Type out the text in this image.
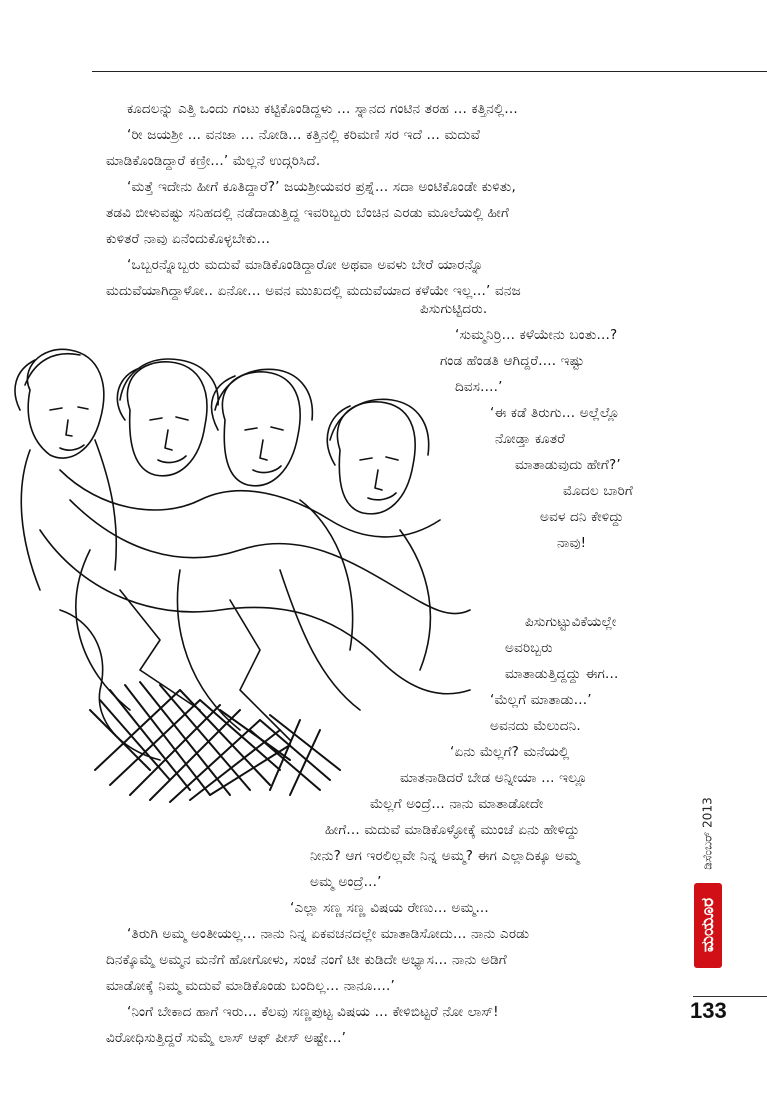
ಕೂದಲನ್ನು ಎತ್ತಿ ಒಂದು ಗಂಟು ಕಟ್ಟಿಕೊಂಡಿದ್ದಳು ... ಸ್ನಾನದ ಗಂಟಿನ ತರಹ ... ಕತ್ತಿನಲ್ಲಿ...
‘ರೀ ಜಯಶ್ರೀ ... ವನಜಾ ... ನೋಡಿ... ಕತ್ತಿನಲ್ಲಿ ಕರಿಮಣಿ ಸರ ಇದೆ ... ಮದುವೆ
ಮಾಡಿಕೊಂಡಿದ್ದಾರೆ ಕಣ್ರೀ...’ ಮೆಲ್ಲನೆ ಉದ್ಗರಿಸಿದೆ.
‘ಮತ್ತೆ ಇದೇನು ಹೀಗೆ ಕೂತಿದ್ದಾರೆ?’ ಜಯಶ್ರೀಯವರ ಪ್ರಶ್ನೆ... ಸದಾ ಅಂಟಿಕೊಂಡೇ ಕುಳಿತು,
ತಡವಿ ಬೀಳುವಷ್ಟು ಸನಿಹದಲ್ಲಿ ನಡೆದಾಡುತ್ತಿದ್ದ ಇವರಿಬ್ಬರು ಬೆಂಚಿನ ಎರಡು ಮೂಲೆಯಲ್ಲಿ ಹೀಗೆ
ಕುಳಿತರೆ ನಾವು ಏನೆಂದುಕೊಳ್ಳಬೇಕು...
‘ಒಬ್ಬರನ್ನೊಬ್ಬರು ಮದುವೆ ಮಾಡಿಕೊಂಡಿದ್ದಾರೋ ಅಥವಾ ಅವಳು ಬೇರೆ ಯಾರನ್ನೊ
ಮದುವೆಯಾಗಿದ್ದಾಳೋ.. ಏನೋ... ಅವನ ಮುಖದಲ್ಲಿ ಮದುವೆಯಾದ ಕಳೆಯೇ ಇಲ್ಲ...’ ವನಜ
ಪಿಸುಗುಟ್ಟಿದರು.
‘ಸುಮ್ಮನಿರ್ರಿ... ಕಳೆಯೇನು ಬಂತು...?
ಗಂಡ ಹೆಂಡತಿ ಆಗಿದ್ದರೆ.... ಇಷ್ಟು
ದಿವಸ....’
‘ಈ ಕಡೆ ತಿರುಗು... ಅಲ್ಲೆಲ್ಲೊ
ನೋಡ್ತಾ ಕೂತರೆ
ಮಾತಾಡುವುದು ಹೇಗೆ?’
ಮೊದಲ ಬಾರಿಗೆ
ಅವಳ ದನಿ ಕೇಳಿದ್ದು
ನಾವು!
ಪಿಸುಗುಟ್ಟುವಿಕೆಯಲ್ಲೇ
ಅವರಿಬ್ಬರು
ಮಾತಾಡುತ್ತಿದ್ದದ್ದು ಈಗ...
‘ಮೆಲ್ಲಗೆ ಮಾತಾಡು...’
ಅವನದು ಮೆಲುದನಿ.
‘ಏನು ಮೆಲ್ಲಗೆ? ಮನೆಯಲ್ಲಿ
ಮಾತನಾಡಿದರೆ ಬೇಡ ಅನ್ನೀಯಾ ... ಇಲ್ಲೂ
ಮೆಲ್ಲಗೆ ಅಂದ್ರೆ... ನಾನು ಮಾತಾಡೋದೇ
ಹೀಗೆ... ಮದುವೆ ಮಾಡಿಕೊಳ್ಳೋಕ್ಕೆ ಮುಂಚೆ ಏನು ಹೇಳಿದ್ದು
ನೀನು? ಆಗ ಇರಲಿಲ್ಲವೇ ನಿನ್ನ ಅಮ್ಮ? ಈಗ ಎಲ್ಲಾದಿಕ್ಕೂ ಅಮ್ಮ
ಅಮ್ಮ ಅಂದ್ರೆ...’
‘ಎಲ್ಲಾ ಸಣ್ಣ ಸಣ್ಣ ವಿಷಯ ರೇಣು... ಅಮ್ಮ...
‘ತಿರುಗಿ ಅಮ್ಮ ಅಂತೀಯಲ್ಲ... ನಾನು ನಿನ್ನ ಏಕವಚನದಲ್ಲೇ ಮಾತಾಡಿಸೋದು... ನಾನು ಎರಡು
ದಿನಕ್ಕೊಮ್ಮೆ ಅಮ್ಮನ ಮನೆಗೆ ಹೋಗೋಳು, ಸಂಜೆ ನಂಗೆ ಟೀ ಕುಡಿದೇ ಅಭ್ಯಾಸ... ನಾನು ಅಡಿಗೆ
ಮಾಡೋಕ್ಕೆ ನಿಮ್ಮ ಮದುವೆ ಮಾಡಿಕೊಂಡು ಬಂದಿಲ್ಲ... ನಾನೂ....’
‘ನಿಂಗೆ ಬೇಕಾದ ಹಾಗೆ ಇರು... ಕೆಲವು ಸಣ್ಣಪುಟ್ಟ ವಿಷಯ ... ಕೇಳಿಬಿಟ್ಟರೆ ನೋ ಲಾಸ್!
ವಿರೋಧಿಸುತ್ತಿದ್ದರೆ ಸುಮ್ಮೆ ಲಾಸ್ ಆಫ್ ಪೀಸ್ ಅಷ್ಟೇ...’
ಡಿಸೆಂಬರ್ 2013
ಮಯೂರ
133
